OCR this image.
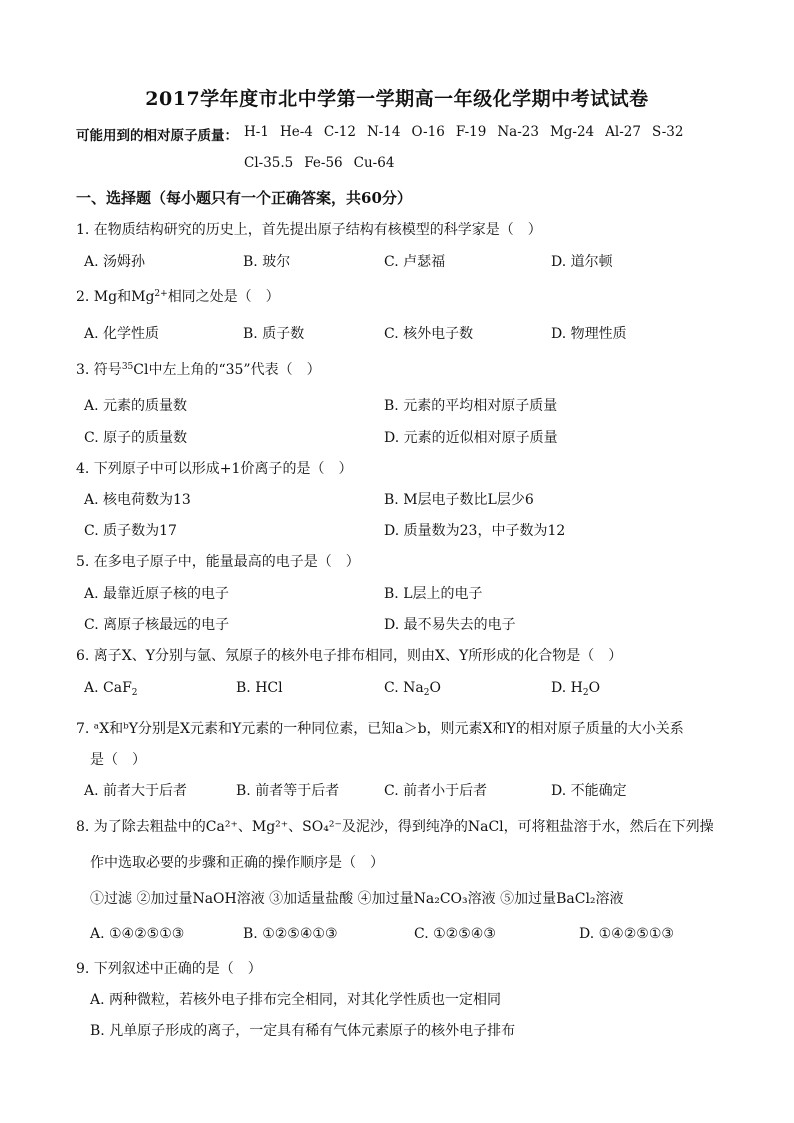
2017学年度市北中学第一学期高一年级化学期中考试试卷
可能用到的相对原子质量： H-1 He-4 C-12 N-14 O-16 F-19 Na-23 Mg-24 Al-27 S-32
Cl-35.5 Fe-56 Cu-64
一、选择题（每小题只有一个正确答案，共60分）
1. 在物质结构研究的历史上，首先提出原子结构有核模型的科学家是（　）
A. 汤姆孙	B. 玻尔	C. 卢瑟福	D. 道尔顿
2. Mg和$Mg^{2+}$相同之处是（　）
A. 化学性质	B. 质子数	C. 核外电子数	D. 物理性质
3. 符号$^{35}$Cl中左上角的“35”代表（　）
A. 元素的质量数	B. 元素的平均相对原子质量
C. 原子的质量数	D. 元素的近似相对原子质量
4. 下列原子中可以形成+1价离子的是（　）
A. 核电荷数为13	B. M层电子数比L层少6
C. 质子数为17	D. 质量数为23，中子数为12
5. 在多电子原子中，能量最高的电子是（　）
A. 最靠近原子核的电子	B. L层上的电子
C. 离原子核最远的电子	D. 最不易失去的电子
6. 离子X、Y分别与氩、氖原子的核外电子排布相同，则由X、Y所形成的化合物是（　）
A. CaF$_2$	B. HCl	C. $Na_2O$	D. $H_2O$
7. ᵃX和ᵇY分别是X元素和Y元素的一种同位素，已知a＞b，则元素X和Y的相对原子质量的大小关系
是（　）
A. 前者大于后者	B. 前者等于后者	C. 前者小于后者	D. 不能确定
8. 为了除去粗盐中的Ca²⁺、Mg²⁺、SO₄²⁻及泥沙，得到纯净的NaCl，可将粗盐溶于水，然后在下列操
作中选取必要的步骤和正确的操作顺序是（　）
①过滤 ②加过量NaOH溶液 ③加适量盐酸 ④加过量Na₂CO₃溶液 ⑤加过量BaCl₂溶液
A. ①④②⑤①③	B. ①②⑤④①③	C. ①②⑤④③	D. ①④②⑤①③
9. 下列叙述中正确的是（　）
A. 两种微粒，若核外电子排布完全相同，对其化学性质也一定相同
B. 凡单原子形成的离子，一定具有稀有气体元素原子的核外电子排布
